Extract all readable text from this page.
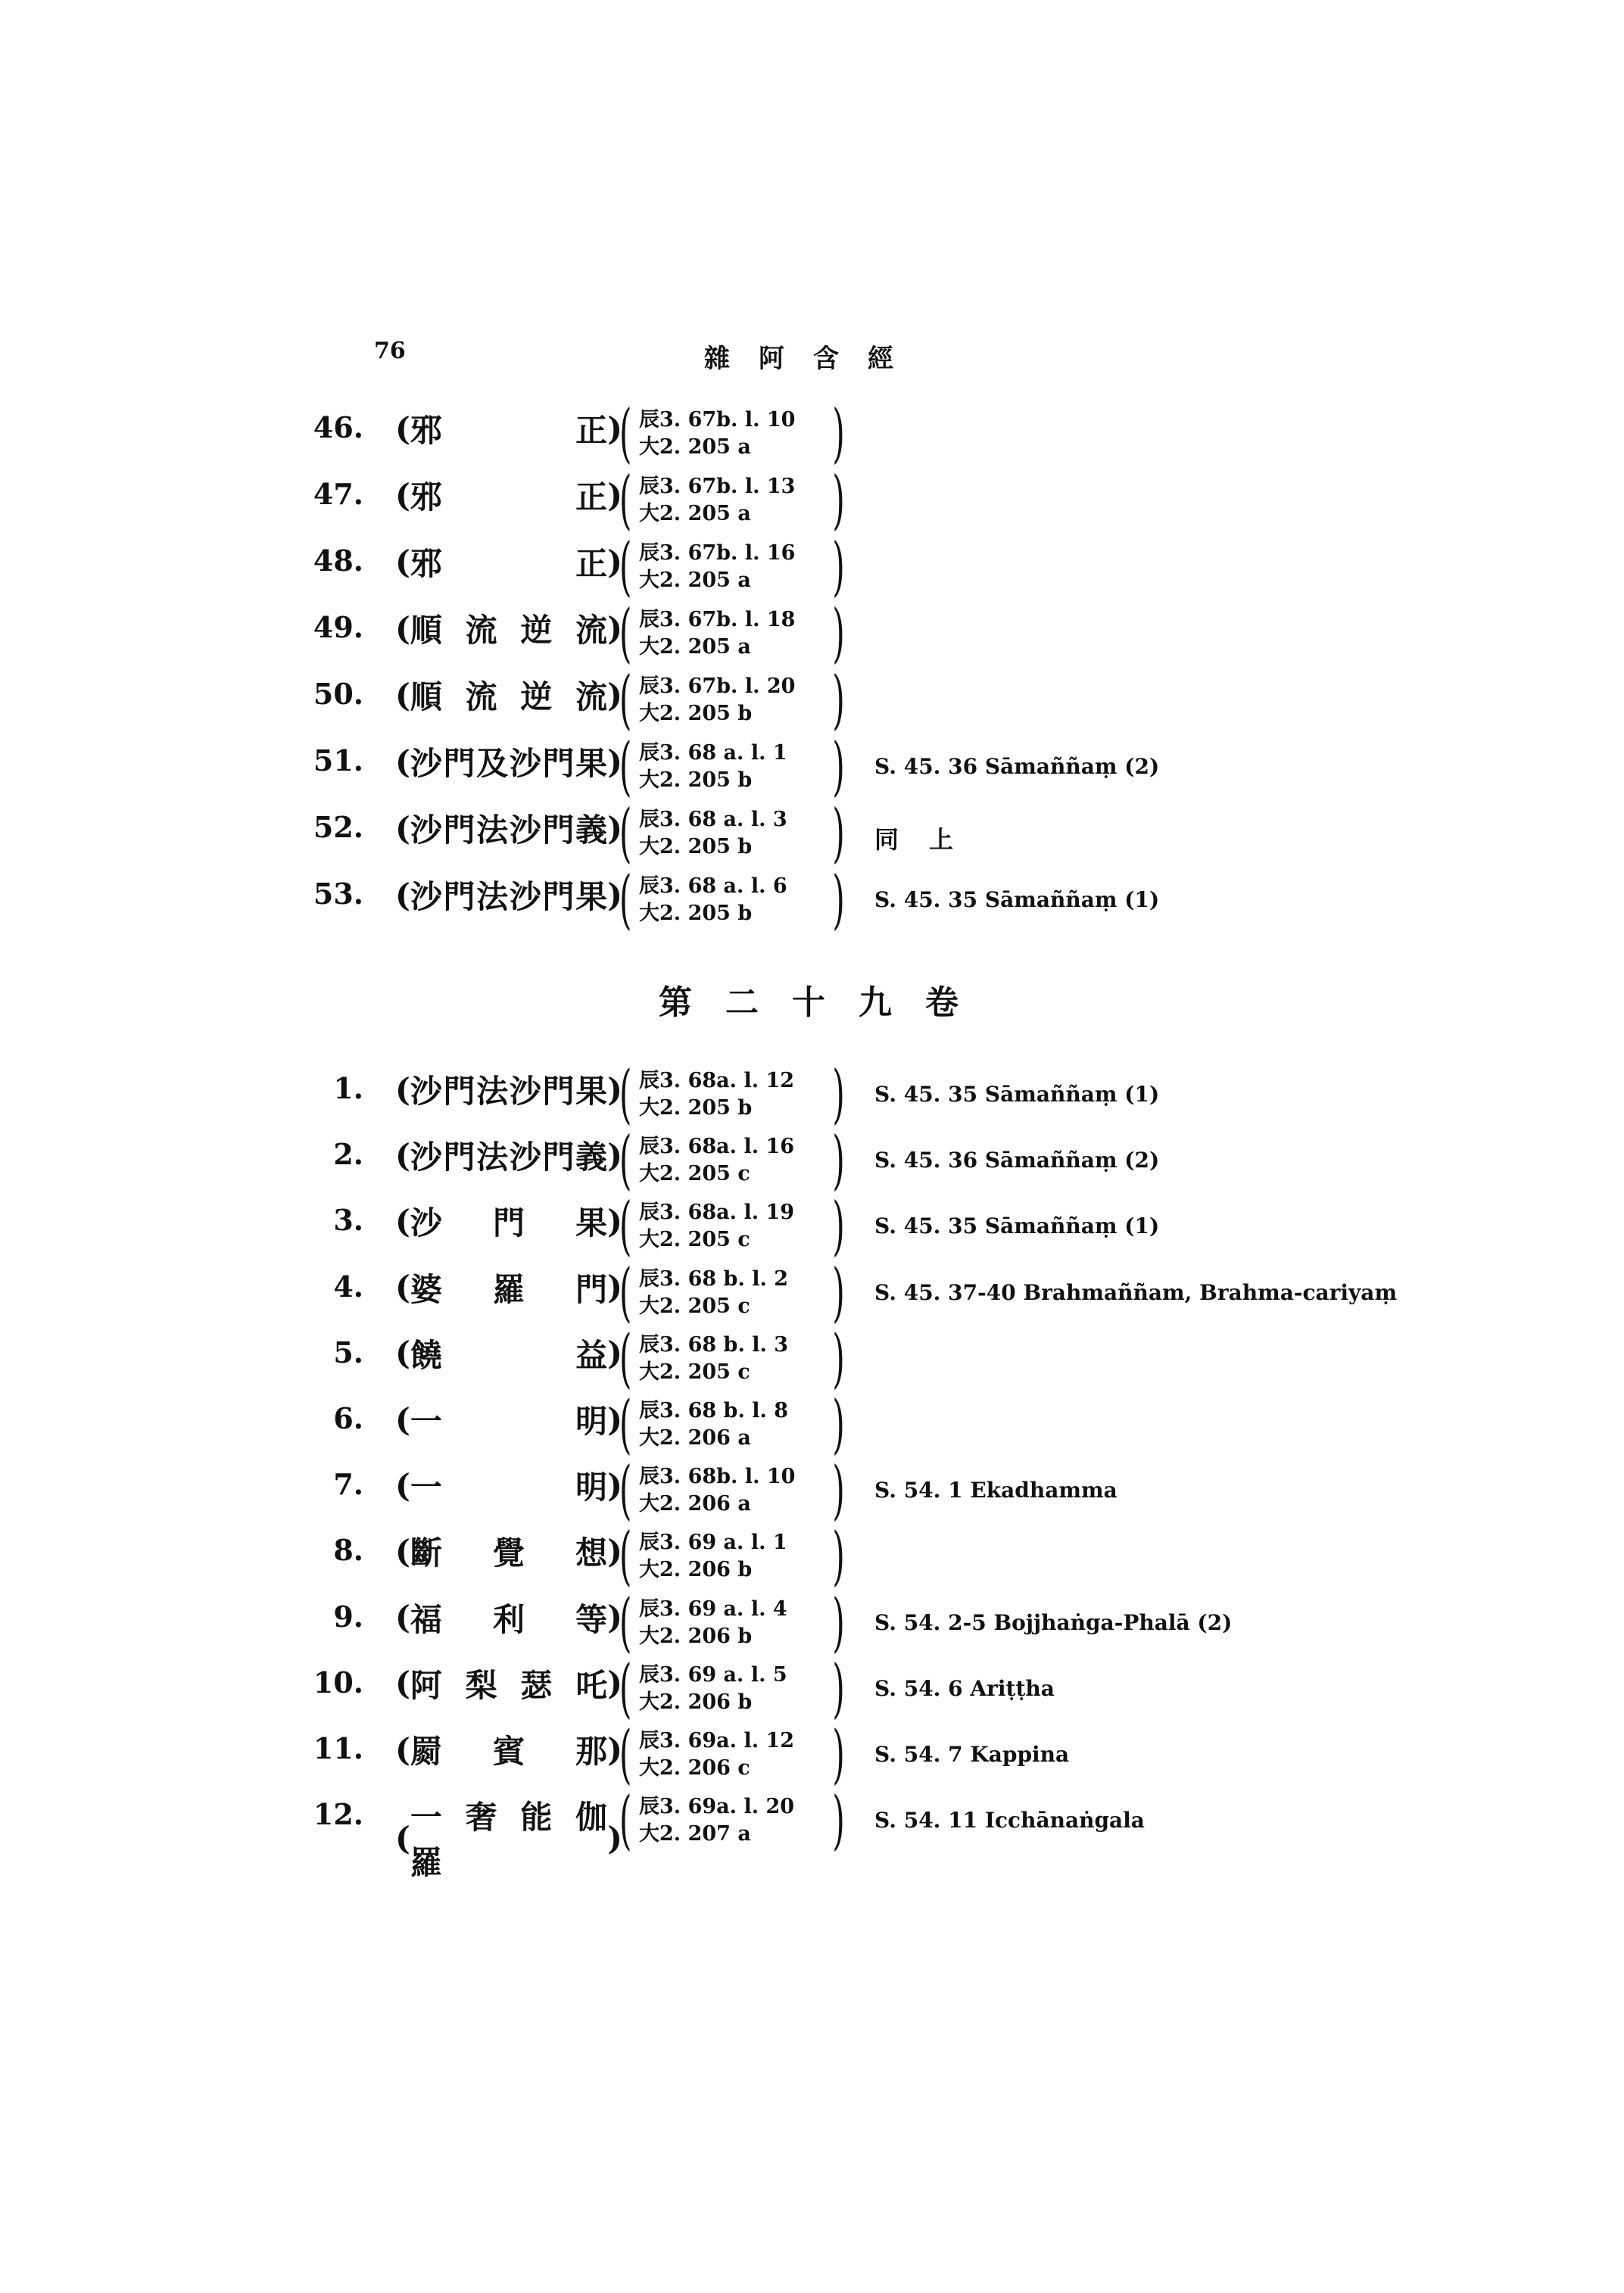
76	雜阿含經
第二十九卷
46. ( 邪 正 )
( 辰3. 67b. l. 10
大2. 205 a )
47. ( 邪 正 )
( 辰3. 67b. l. 13
大2. 205 a )
48. ( 邪 正 )
( 辰3. 67b. l. 16
大2. 205 a )
49. ( 順 流 逆 流 )
( 辰3. 67b. l. 18
大2. 205 a )
50. ( 順 流 逆 流 )
( 辰3. 67b. l. 20
大2. 205 b )
51. ( 沙門及沙門果 )
( 辰3. 68 a. l. 1
大2. 205 b ) S. 45. 36 Sāmaññaṃ (2)
52. ( 沙門法沙門義 )
( 辰3. 68 a. l. 3
大2. 205 b ) 同上
53. ( 沙門法沙門果 )
( 辰3. 68 a. l. 6
大2. 205 b ) S. 45. 35 Sāmaññaṃ (1)
1. ( 沙門法沙門果 )
( 辰3. 68a. l. 12
大2. 205 b ) S. 45. 35 Sāmaññaṃ (1)
2. ( 沙門法沙門義 )
( 辰3. 68a. l. 16
大2. 205 c ) S. 45. 36 Sāmaññaṃ (2)
3. ( 沙 門 果 )
( 辰3. 68a. l. 19
大2. 205 c ) S. 45. 35 Sāmaññaṃ (1)
4. ( 婆 羅 門 )
( 辰3. 68 b. l. 2
大2. 205 c ) S. 45. 37-40 Brahmaññam, Brahma-cariyaṃ
5. ( 饒 益 )
( 辰3. 68 b. l. 3
大2. 205 c )
6. ( 一 明 )
( 辰3. 68 b. l. 8
大2. 206 a )
7. ( 一 明 )
( 辰3. 68b. l. 10
大2. 206 a ) S. 54. 1 Ekadhamma
8. ( 斷 覺 想 )
( 辰3. 69 a. l. 1
大2. 206 b )
9. ( 福 利 等 )
( 辰3. 69 a. l. 4
大2. 206 b ) S. 54. 2-5 Bojjhaṅga-Phalā (2)
10. ( 阿 梨 瑟 吒 )
( 辰3. 69 a. l. 5
大2. 206 b ) S. 54. 6 Ariṭṭha
11. ( 罽 賓 那 )
( 辰3. 69a. l. 12
大2. 206 c ) S. 54. 7 Kappina
12.
(
一 奢 能 伽 羅
)
( 辰3. 69a. l. 20
大2. 207 a ) S. 54. 11 Icchānaṅgala
